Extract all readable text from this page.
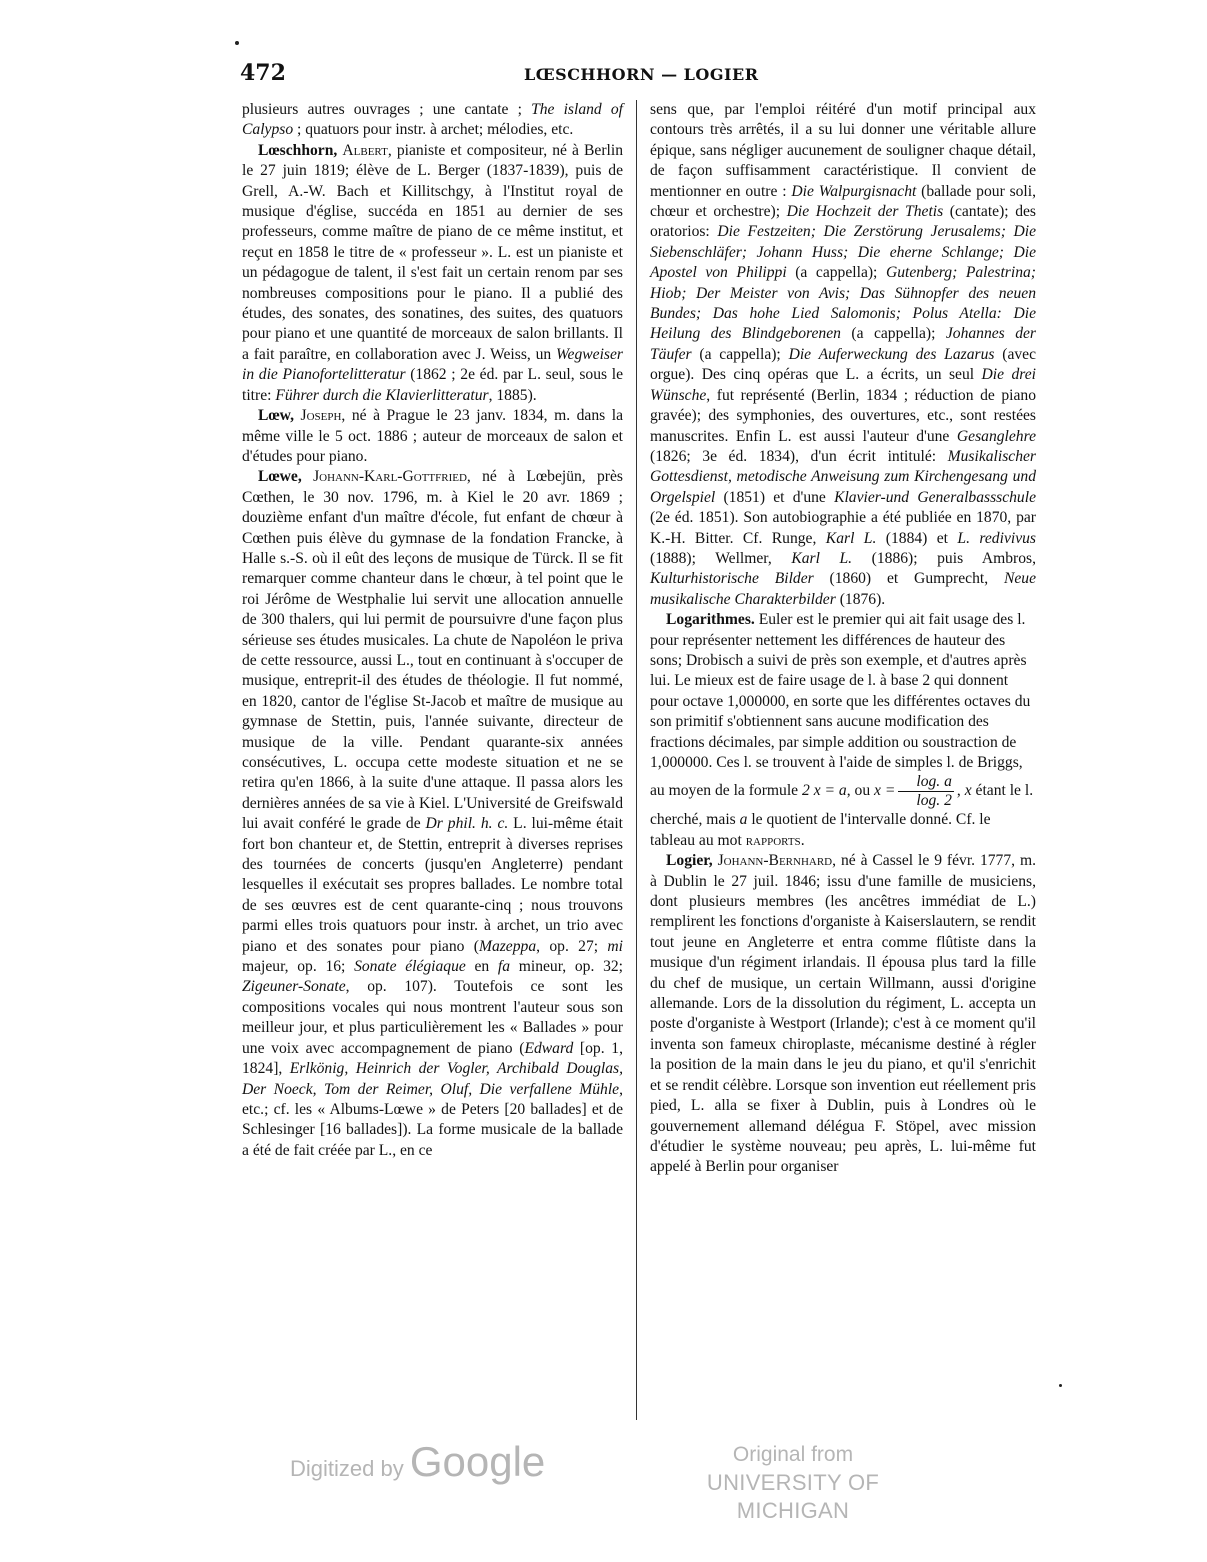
472	LŒSCHHORN — LOGIER

plusieurs autres ouvrages ; une cantate ; The island of Calypso ; quatuors pour instr. à archet; mélodies, etc.

Lœschhorn, Albert, pianiste et compositeur, né à Berlin le 27 juin 1819; élève de L. Berger (1837-1839), puis de Grell, A.-W. Bach et Killitschgy, à l'Institut royal de musique d'église, succéda en 1851 au dernier de ses professeurs, comme maître de piano de ce même institut, et reçut en 1858 le titre de « professeur ». L. est un pianiste et un pédagogue de talent, il s'est fait un certain renom par ses nombreuses compositions pour le piano. Il a publié des études, des sonates, des sonatines, des suites, des quatuors pour piano et une quantité de morceaux de salon brillants. Il a fait paraître, en collaboration avec J. Weiss, un Wegweiser in die Pianofortelitteratur (1862 ; 2e éd. par L. seul, sous le titre: Führer durch die Klavierlitteratur, 1885).

Lœw, Joseph, né à Prague le 23 janv. 1834, m. dans la même ville le 5 oct. 1886 ; auteur de morceaux de salon et d'études pour piano.

Lœwe, Johann-Karl-Gottfried, né à Lœbejün, près Cœthen, le 30 nov. 1796, m. à Kiel le 20 avr. 1869 ; douzième enfant d'un maître d'école, fut enfant de chœur à Cœthen puis élève du gymnase de la fondation Francke, à Halle s.-S. où il eût des leçons de musique de Türck. Il se fit remarquer comme chanteur dans le chœur, à tel point que le roi Jérôme de Westphalie lui servit une allocation annuelle de 300 thalers, qui lui permit de poursuivre d'une façon plus sérieuse ses études musicales. La chute de Napoléon le priva de cette ressource, aussi L., tout en continuant à s'occuper de musique, entreprit-il des études de théologie. Il fut nommé, en 1820, cantor de l'église St-Jacob et maître de musique au gymnase de Stettin, puis, l'année suivante, directeur de musique de la ville. Pendant quarante-six années consécutives, L. occupa cette modeste situation et ne se retira qu'en 1866, à la suite d'une attaque. Il passa alors les dernières années de sa vie à Kiel. L'Université de Greifswald lui avait conféré le grade de Dr phil. h. c. L. lui-même était fort bon chanteur et, de Stettin, entreprit à diverses reprises des tournées de concerts (jusqu'en Angleterre) pendant lesquelles il exécutait ses propres ballades. Le nombre total de ses œuvres est de cent quarante-cinq ; nous trouvons parmi elles trois quatuors pour instr. à archet, un trio avec piano et des sonates pour piano (Mazeppa, op. 27; mi majeur, op. 16; Sonate élégiaque en fa mineur, op. 32; Zigeuner-Sonate, op. 107). Toutefois ce sont les compositions vocales qui nous montrent l'auteur sous son meilleur jour, et plus particulièrement les « Ballades » pour une voix avec accompagnement de piano (Edward [op. 1, 1824], Erlkönig, Heinrich der Vogler, Archibald Douglas, Der Noeck, Tom der Reimer, Oluf, Die verfallene Mühle, etc.; cf. les « Albums-Lœwe » de Peters [20 ballades] et de Schlesinger [16 ballades]). La forme musicale de la ballade a été de fait créée par L., en ce

sens que, par l'emploi réitéré d'un motif principal aux contours très arrêtés, il a su lui donner une véritable allure épique, sans négliger aucunement de souligner chaque détail, de façon suffisamment caractéristique. Il convient de mentionner en outre : Die Walpurgisnacht (ballade pour soli, chœur et orchestre); Die Hochzeit der Thetis (cantate); des oratorios: Die Festzeiten; Die Zerstörung Jerusalems; Die Siebenschläfer; Johann Huss; Die eherne Schlange; Die Apostel von Philippi (a cappella); Gutenberg; Palestrina; Hiob; Der Meister von Avis; Das Sühnopfer des neuen Bundes; Das hohe Lied Salomonis; Polus Atella: Die Heilung des Blindgeborenen (a cappella); Johannes der Täufer (a cappella); Die Auferweckung des Lazarus (avec orgue). Des cinq opéras que L. a écrits, un seul Die drei Wünsche, fut représenté (Berlin, 1834 ; réduction de piano gravée); des symphonies, des ouvertures, etc., sont restées manuscrites. Enfin L. est aussi l'auteur d'une Gesanglehre (1826; 3e éd. 1834), d'un écrit intitulé: Musikalischer Gottesdienst, metodische Anweisung zum Kirchengesang und Orgelspiel (1851) et d'une Klavier-und Generalbassschule (2e éd. 1851). Son autobiographie a été publiée en 1870, par K.-H. Bitter. Cf. Runge, Karl L. (1884) et L. redivivus (1888); Wellmer, Karl L. (1886); puis Ambros, Kulturhistorische Bilder (1860) et Gumprecht, Neue musikalische Charakterbilder (1876).

Logarithmes. Euler est le premier qui ait fait usage des l. pour représenter nettement les différences de hauteur des sons; Drobisch a suivi de près son exemple, et d'autres après lui. Le mieux est de faire usage de l. à base 2 qui donnent pour octave 1,000000, en sorte que les différentes octaves du son primitif s'obtiennent sans aucune modification des fractions décimales, par simple addition ou soustraction de 1,000000. Ces l. se trouvent à l'aide de simples l. de Briggs, au moyen de la formule 2 x = a, ou $x = \frac{\log. a}{\log. 2}$ , x étant le l. cherché, mais a le quotient de l'intervalle donné. Cf. le tableau au mot rapports.

Logier, Johann-Bernhard, né à Cassel le 9 févr. 1777, m. à Dublin le 27 juil. 1846; issu d'une famille de musiciens, dont plusieurs membres (les ancêtres immédiat de L.) remplirent les fonctions d'organiste à Kaiserslautern, se rendit tout jeune en Angleterre et entra comme flûtiste dans la musique d'un régiment irlandais. Il épousa plus tard la fille du chef de musique, un certain Willmann, aussi d'origine allemande. Lors de la dissolution du régiment, L. accepta un poste d'organiste à Westport (Irlande); c'est à ce moment qu'il inventa son fameux chiroplaste, mécanisme destiné à régler la position de la main dans le jeu du piano, et qu'il s'enrichit et se rendit célèbre. Lorsque son invention eut réellement pris pied, L. alla se fixer à Dublin, puis à Londres où le gouvernement allemand délégua F. Stöpel, avec mission d'étudier le système nouveau; peu après, L. lui-même fut appelé à Berlin pour organiser

Digitized by Google	Original from
UNIVERSITY OF MICHIGAN
